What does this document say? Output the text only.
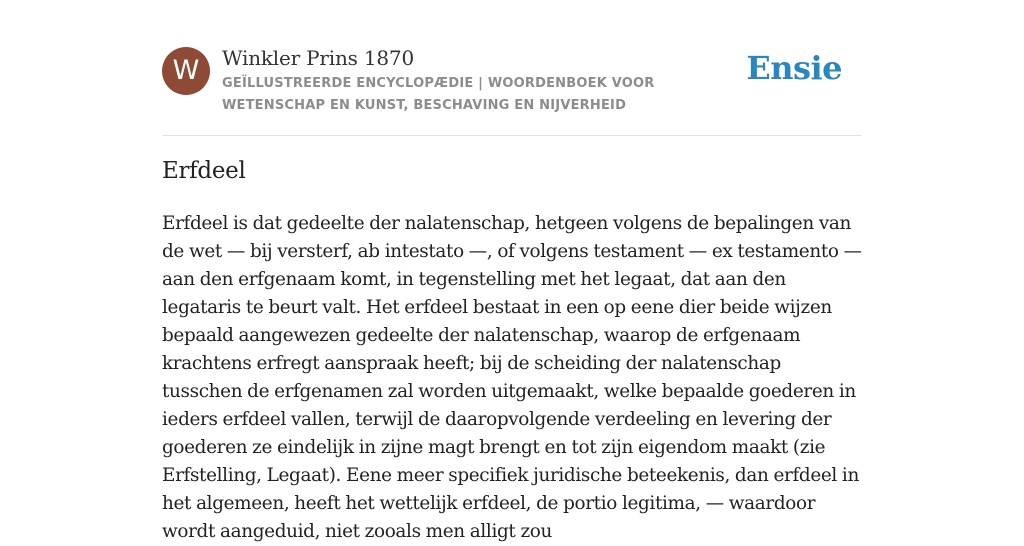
W	Winkler Prins 1870
GEÏLLUSTREERDE ENCYCLOPÆDIE | WOORDENBOEK VOOR WETENSCHAP EN KUNST, BESCHAVING EN NIJVERHEID
Ensie
Erfdeel

Erfdeel is dat gedeelte der nalatenschap, hetgeen volgens de bepalingen van de wet — bij versterf, ab intestato —, of volgens testament — ex testamento — aan den erfgenaam komt, in tegenstelling met het legaat, dat aan den legataris te beurt valt. Het erfdeel bestaat in een op eene dier beide wijzen bepaald aangewezen gedeelte der nalatenschap, waarop de erfgenaam krachtens erfregt aanspraak heeft; bij de scheiding der nalatenschap tusschen de erfgenamen zal worden uitgemaakt, welke bepaalde goederen in ieders erfdeel vallen, terwijl de daaropvolgende verdeeling en levering der goederen ze eindelijk in zijne magt brengt en tot zijn eigendom maakt (zie Erfstelling, Legaat). Eene meer specifiek juridische beteekenis, dan erfdeel in het algemeen, heeft het wettelijk erfdeel, de portio legitima, — waardoor wordt aangeduid, niet zooals men alligt zou
